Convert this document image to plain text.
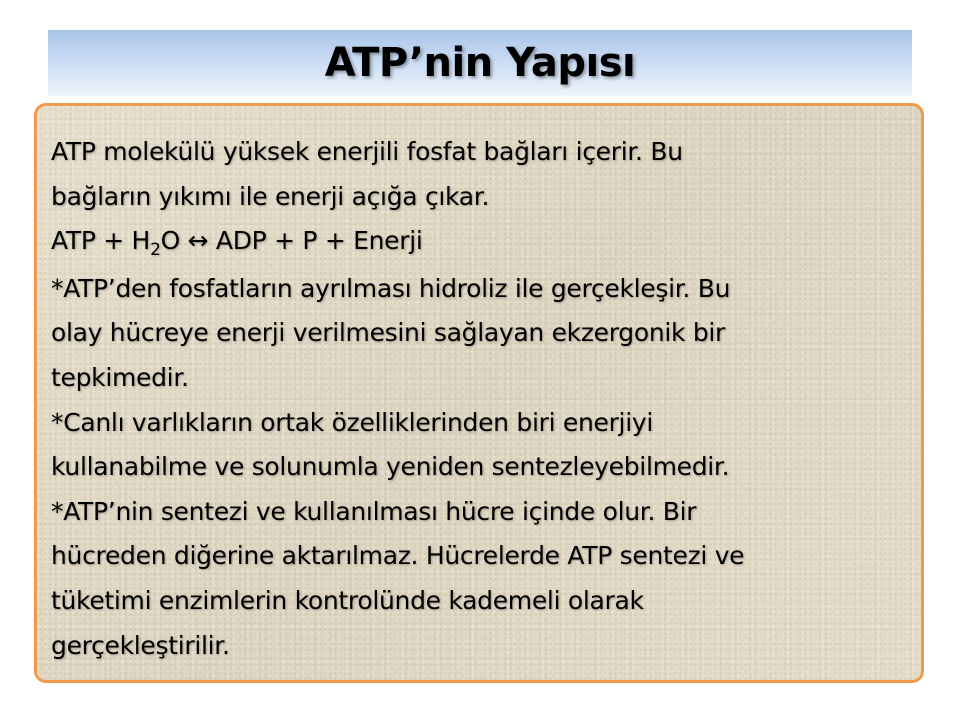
ATP’nin Yapısı
ATP molekülü yüksek enerjili fosfat bağları içerir. Bu
bağların yıkımı ile enerji açığa çıkar.
ATP + $H_2O$ ↔ ADP + P + Enerji
*ATP’den fosfatların ayrılması hidroliz ile gerçekleşir. Bu
olay hücreye enerji verilmesini sağlayan ekzergonik bir
tepkimedir.
*Canlı varlıkların ortak özelliklerinden biri enerjiyi
kullanabilme ve solunumla yeniden sentezleyebilmedir.
*ATP’nin sentezi ve kullanılması hücre içinde olur. Bir
hücreden diğerine aktarılmaz. Hücrelerde ATP sentezi ve
tüketimi enzimlerin kontrolünde kademeli olarak
gerçekleştirilir.
